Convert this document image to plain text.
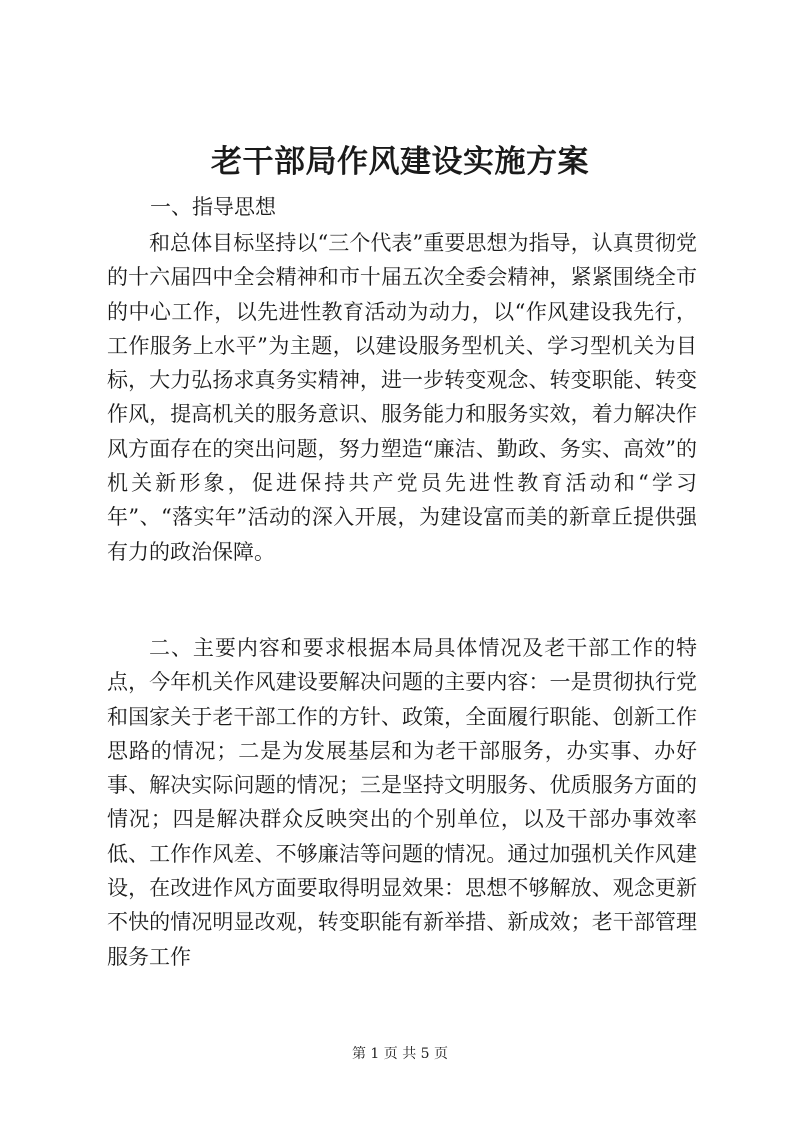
老干部局作风建设实施方案

一、指导思想

和总体目标坚持以“三个代表”重要思想为指导，认真贯彻党的十六届四中全会精神和市十届五次全委会精神，紧紧围绕全市的中心工作，以先进性教育活动为动力，以“作风建设我先行，工作服务上水平”为主题，以建设服务型机关、学习型机关为目标，大力弘扬求真务实精神，进一步转变观念、转变职能、转变作风，提高机关的服务意识、服务能力和服务实效，着力解决作风方面存在的突出问题，努力塑造“廉洁、勤政、务实、高效”的机关新形象，促进保持共产党员先进性教育活动和“学习年”、“落实年”活动的深入开展，为建设富而美的新章丘提供强有力的政治保障。

二、主要内容和要求根据本局具体情况及老干部工作的特点，今年机关作风建设要解决问题的主要内容：一是贯彻执行党和国家关于老干部工作的方针、政策，全面履行职能、创新工作思路的情况；二是为发展基层和为老干部服务，办实事、办好事、解决实际问题的情况；三是坚持文明服务、优质服务方面的情况；四是解决群众反映突出的个别单位，以及干部办事效率低、工作作风差、不够廉洁等问题的情况。通过加强机关作风建设，在改进作风方面要取得明显效果：思想不够解放、观念更新不快的情况明显改观，转变职能有新举措、新成效；老干部管理服务工作

第 1 页 共 5 页
